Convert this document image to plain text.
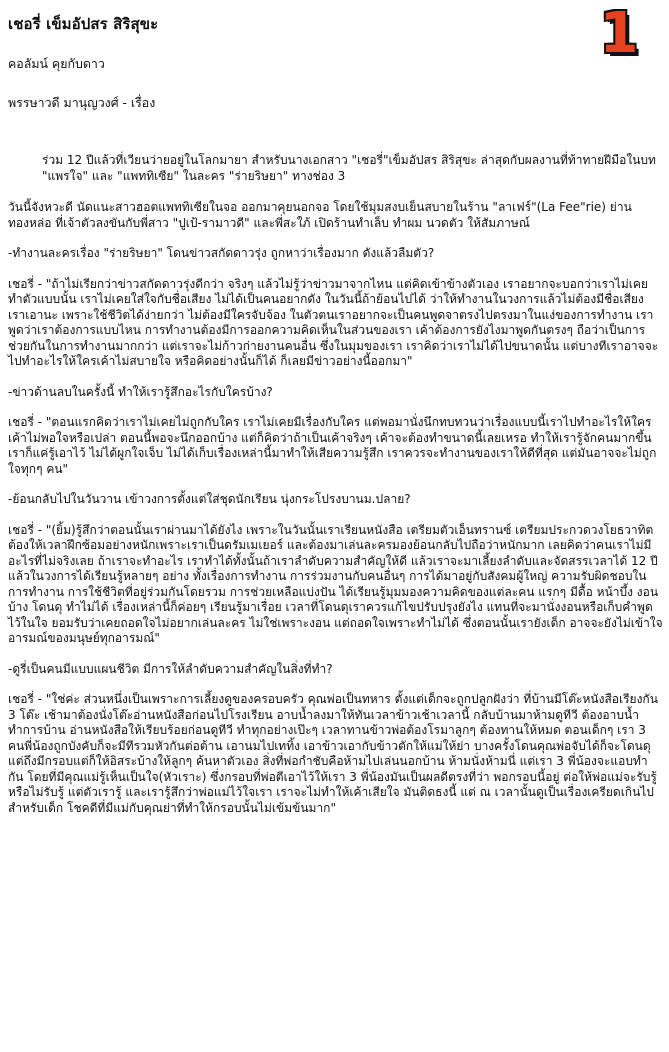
เชอรี่ เข็มอัปสร สิริสุขะ	1
คอลัมน์ คุยกับดาว
พรรษาวดี มานุญวงศ์ - เรื่อง

ร่วม 12 ปีแล้วที่เวียนว่ายอยู่ในโลกมายา สำหรับนางเอกสาว "เชอรี่"เข็มอัปสร สิริสุขะ ล่าสุดกับผลงานที่ท้าทายฝีมือในบท "แพรใจ" และ "แพททิเซีย" ในละคร "ร่ายริษยา" ทางช่อง 3

วันนี้จังหวะดี นัดแนะสาวฮอตแพททิเซียในจอ ออกมาคุยนอกจอ โดยใช้มุมสงบเย็นสบายในร้าน "ลาเฟร์"(La Fee"rie) ย่านทองหล่อ ที่เจ้าตัวลงขันกับพี่สาว "ปูเป้-รามาวดี" และพี่สะใภ้ เปิดร้านทำเล็บ ทำผม นวดตัว ให้สัมภาษณ์

-ทำงานละครเรื่อง "ร่ายริษยา" โดนข่าวสกัดดาวรุ่ง ถูกหาว่าเรื่องมาก ดังแล้วลืมตัว?

เชอรี่ - "ถ้าไม่เรียกว่าข่าวสกัดดาวรุ่งดีกว่า จริงๆ แล้วไม่รู้ว่าข่าวมาจากไหน แต่คิดเข้าข้างตัวเอง เราอยากจะบอกว่าเราไม่เคยทำตัวแบบนั้น เราไม่เคยใส่ใจกับชื่อเสียง ไม่ได้เป็นคนอยากดัง ในวันนี้ถ้าย้อนไปได้ ว่าให้ทำงานในวงการแล้วไม่ต้องมีชื่อเสียง เราเอานะ เพราะใช้ชีวิตได้ง่ายกว่า ไม่ต้องมีใครจับจ้อง ในตัวตนเราอยากจะเป็นคนพูดจาตรงไปตรงมาในแง่ของการทำงาน เราพูดว่าเราต้องการแบบไหน การทำงานต้องมีการออกความคิดเห็นในส่วนของเรา เค้าต้องการยังไงมาพูดกันตรงๆ ถือว่าเป็นการช่วยกันในการทำงานมากกว่า แต่เราจะไม่ก้าวก่ายงานคนอื่น ซึ่งในมุมของเรา เราคิดว่าเราไม่ได้ไปขนาดนั้น แต่บางทีเราอาจจะไปทำอะไรให้ใครเค้าไม่สบายใจ หรือคิดอย่างนั้นก็ได้ ก็เลยมีข่าวอย่างนี้ออกมา"

-ข่าวด้านลบในครั้งนี้ ทำให้เรารู้สึกอะไรกับใครบ้าง?

เชอรี่ - "ตอนแรกคิดว่าเราไม่เคยไม่ถูกกับใคร เราไม่เคยมีเรื่องกับใคร แต่พอมานั่งนึกทบทวนว่าเรื่องแบบนี้เราไปทำอะไรให้ใครเค้าไม่พอใจหรือเปล่า ตอนนี้พอจะนึกออกบ้าง แต่ก็คิดว่าถ้าเป็นเค้าจริงๆ เค้าจะต้องทำขนาดนี้เลยเหรอ ทำให้เรารู้จักคนมากขึ้น เราก็แค่รู้เอาไว้ ไม่ได้ผูกใจเจ็บ ไม่ได้เก็บเรื่องเหล่านี้มาทำให้เสียความรู้สึก เราควรจะทำงานของเราให้ดีที่สุด แต่มันอาจจะไม่ถูกใจทุกๆ คน"

-ย้อนกลับไปในวันวาน เข้าวงการตั้งแต่ใส่ชุดนักเรียน นุ่งกระโปรงบานม.ปลาย?

เชอรี่ - "(ยิ้ม)รู้สึกว่าตอนนั้นเราผ่านมาได้ยังไง เพราะในวันนั้นเราเรียนหนังสือ เตรียมตัวเอ็นทรานซ์ เตรียมประกวดวงโยธวาทิตต้องให้เวลาฝึกซ้อมอย่างหนักเพราะเราเป็นดรัมเมเยอร์ และต้องมาเล่นละครมองย้อนกลับไปถือว่าหนักมาก เลยคิดว่าคนเราไม่มีอะไรที่ไม่จริงเลย ถ้าเราจะทำอะไร เราทำได้ทั้งนั้นถ้าเราลำดับความสำคัญให้ดี แล้วเราจะมาเลี้ยงลำดับและจัดสรรเวลาได้ 12 ปีแล้วในวงการได้เรียนรู้หลายๆ อย่าง ทั้งเรื่องการทำงาน การร่วมงานกับคนอื่นๆ การได้มาอยู่กับสังคมผู้ใหญ่ ความรับผิดชอบในการทำงาน การใช้ชีวิตที่อยู่ร่วมกันโดยรวม การช่วยเหลือแบ่งปัน ได้เรียนรู้มุมมองความคิดของแต่ละคน แรกๆ มีดื้อ หน้าบึ้ง งอนบ้าง โดนดุ ทำไม่ได้ เรื่องเหล่านี้ก็ค่อยๆ เรียนรู้มาเรื่อย เวลาที่โดนดุเราควรแก้ไขปรับปรุงยังไง แทนที่จะมานั่งงอนหรือเก็บคำพูดไว้ในใจ ยอมรับว่าเคยถอดใจไม่อยากเล่นละคร ไม่ใช่เพราะงอน แต่ถอดใจเพราะทำไม่ได้ ซึ่งตอนนั้นเรายังเด็ก อาจจะยังไม่เข้าใจอารมณ์ของมนุษย์ทุกอารมณ์"

-ดูรี่เป็นคนมีแบบแผนชีวิต มีการให้ลำดับความสำคัญในสิ่งที่ทำ?

เชอรี่ - "ใช่ค่ะ ส่วนหนึ่งเป็นเพราะการเลี้ยงดูของครอบครัว คุณพ่อเป็นทหาร ตั้งแต่เด็กจะถูกปลูกฝังว่า ที่บ้านมีโต๊ะหนังสือเรียงกัน 3 โต๊ะ เช้ามาต้องนั่งโต๊ะอ่านหนังสือก่อนไปโรงเรียน อาบน้ำลงมาให้ทันเวลาข้าวเช้าเวลานี้ กลับบ้านมาห้ามดูทีวี ต้องอาบน้ำ ทำการบ้าน อ่านหนังสือให้เรียบร้อยก่อนดูทีวี ทำทุกอย่างเป๊ะๆ เวลาทานข้าวพ่อต้องโรมาลูกๆ ต้องทานให้หมด ตอนเด็กๆ เรา 3 คนพี่น้องถูกบังคับก็จะมีทีรวมหัวกันต่อต้าน เอานมไปเททิ้ง เอาข้าวเอากับข้าวตักให้แม่ให้ย่า บางครั้งโดนคุณพ่อจับได้ก็จะโดนดุ แต่ถึงมีกรอบแต่ก็ให้อิสระบ้างให้ลูกๆ ค้นหาตัวเอง สิ่งที่พ่อกำชับคือห้ามไปเล่นนอกบ้าน ห้ามนั่งห้ามนี่ แต่เรา 3 พี่น้องจะแอบทำกัน โดยที่มีคุณแม่รู้เห็นเป็นใจ(หัวเราะ) ซึ่งกรอบที่พ่อตีเอาไว้ให้เรา 3 พี่น้องมันเป็นผลดีตรงที่ว่า พอกรอบนี้อยู่ ต่อให้พ่อแม่จะรับรู้หรือไม่รับรู้ แต่ตัวเรารู้ และเรารู้สึกว่าพ่อแม่ไว้ใจเรา เราจะไม่ทำให้เค้าเสียใจ มันติดธงนี้ แต่ ณ เวลานั้นดูเป็นเรื่องเครียดเกินไปสำหรับเด็ก โชคดีที่มีแม่กับคุณย่าที่ทำให้กรอบนั้นไม่เข้มข้นมาก"
